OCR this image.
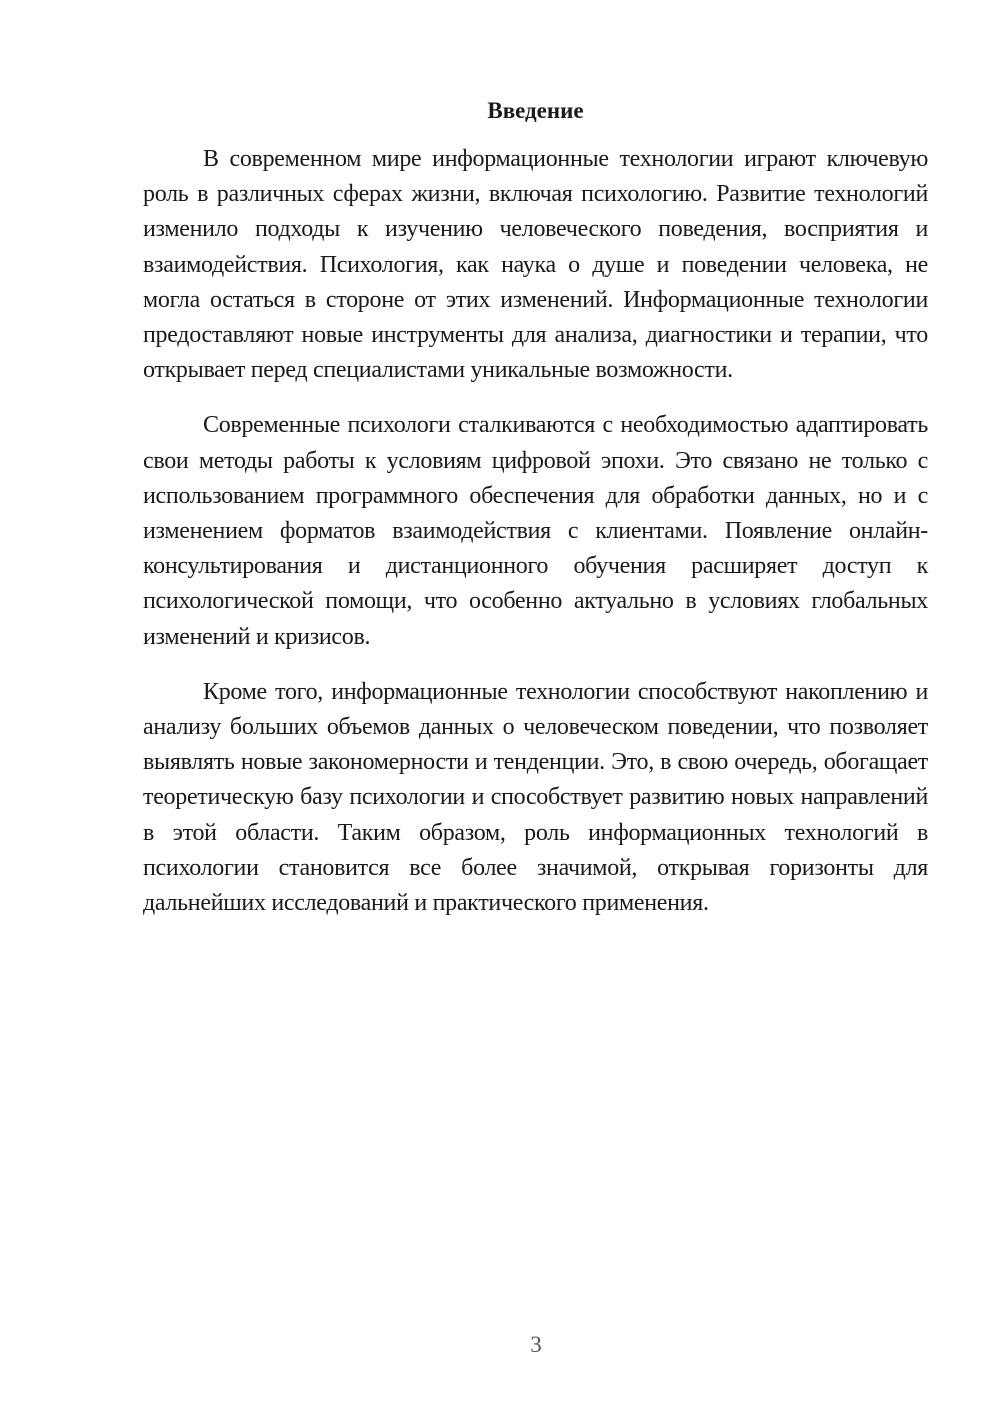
Введение

В современном мире информационные технологии играют ключевую роль в различных сферах жизни, включая психологию. Развитие технологий изменило подходы к изучению человеческого поведения, восприятия и взаимодействия. Психология, как наука о душе и поведении человека, не могла остаться в стороне от этих изменений. Информационные технологии предоставляют новые инструменты для анализа, диагностики и терапии, что открывает перед специалистами уникальные возможности.

Современные психологи сталкиваются с необходимостью адаптировать свои методы работы к условиям цифровой эпохи. Это связано не только с использованием программного обеспечения для обработки данных, но и с изменением форматов взаимодействия с клиентами. Появление онлайн-консультирования и дистанционного обучения расширяет доступ к психологической помощи, что особенно актуально в условиях глобальных изменений и кризисов.

Кроме того, информационные технологии способствуют накоплению и анализу больших объемов данных о человеческом поведении, что позволяет выявлять новые закономерности и тенденции. Это, в свою очередь, обогащает теоретическую базу психологии и способствует развитию новых направлений в этой области. Таким образом, роль информационных технологий в психологии становится все более значимой, открывая горизонты для дальнейших исследований и практического применения.

3
